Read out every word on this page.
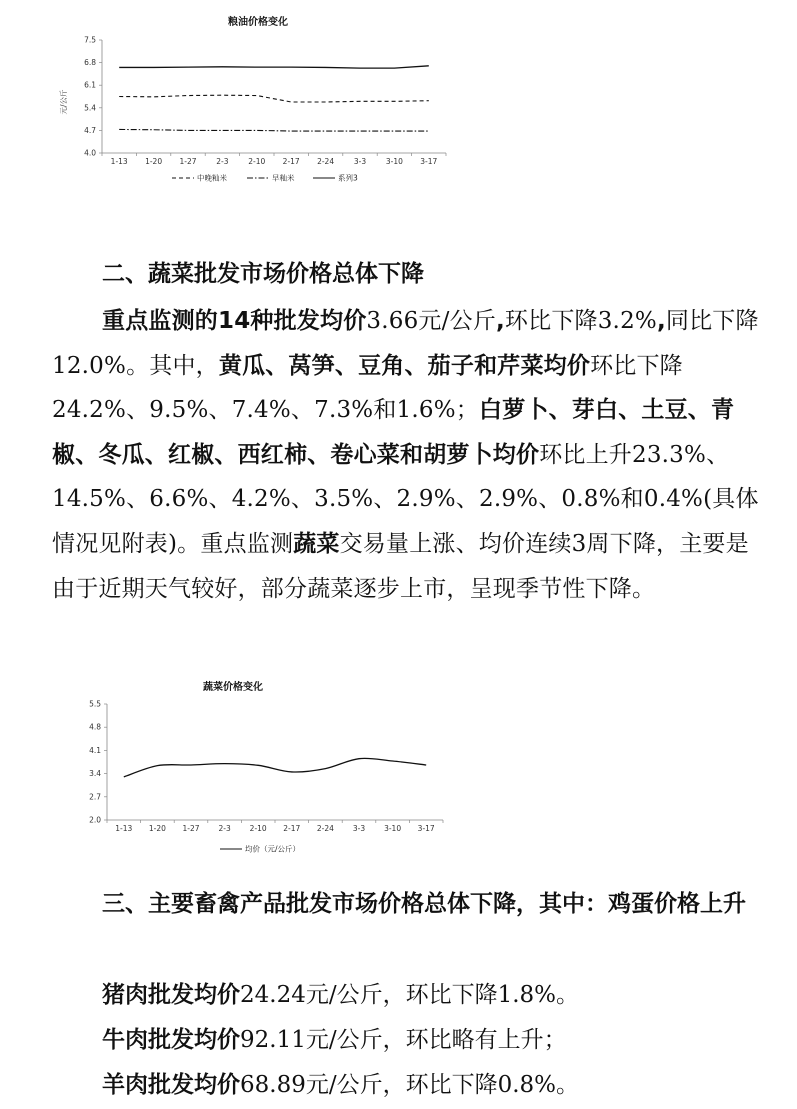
粮油价格变化
元/公斤
4.0
4.7
5.4
6.1
6.8
7.5
1-13 1-20 1-27	2-3	2-10 2-17 2-24	3-3	3-10 3-17
中晚籼米	早籼米	系列3
二、蔬菜批发市场价格总体下降

重点监测的14种批发均价3.66元/公斤,环比下降3.2%,同比下降12.0%。其中，黄瓜、莴笋、豆角、茄子和芹菜均价环比下降24.2%、9.5%、7.4%、7.3%和1.6%；白萝卜、芽白、土豆、青椒、冬瓜、红椒、西红柿、卷心菜和胡萝卜均价环比上升23.3%、14.5%、6.6%、4.2%、3.5%、2.9%、2.9%、0.8%和0.4%(具体情况见附表)。重点监测蔬菜交易量上涨、均价连续3周下降，主要是由于近期天气较好，部分蔬菜逐步上市，呈现季节性下降。

蔬菜价格变化
2.0
2.7
3.4
4.1
4.8
5.5
1-13 1-20 1-27	2-3	2-10 2-17 2-24	3-3	3-10 3-17
均价（元/公斤）
三、主要畜禽产品批发市场价格总体下降，其中：鸡蛋价格上升

猪肉批发均价24.24元/公斤，环比下降1.8%。

牛肉批发均价92.11元/公斤，环比略有上升；

羊肉批发均价68.89元/公斤，环比下降0.8%。
